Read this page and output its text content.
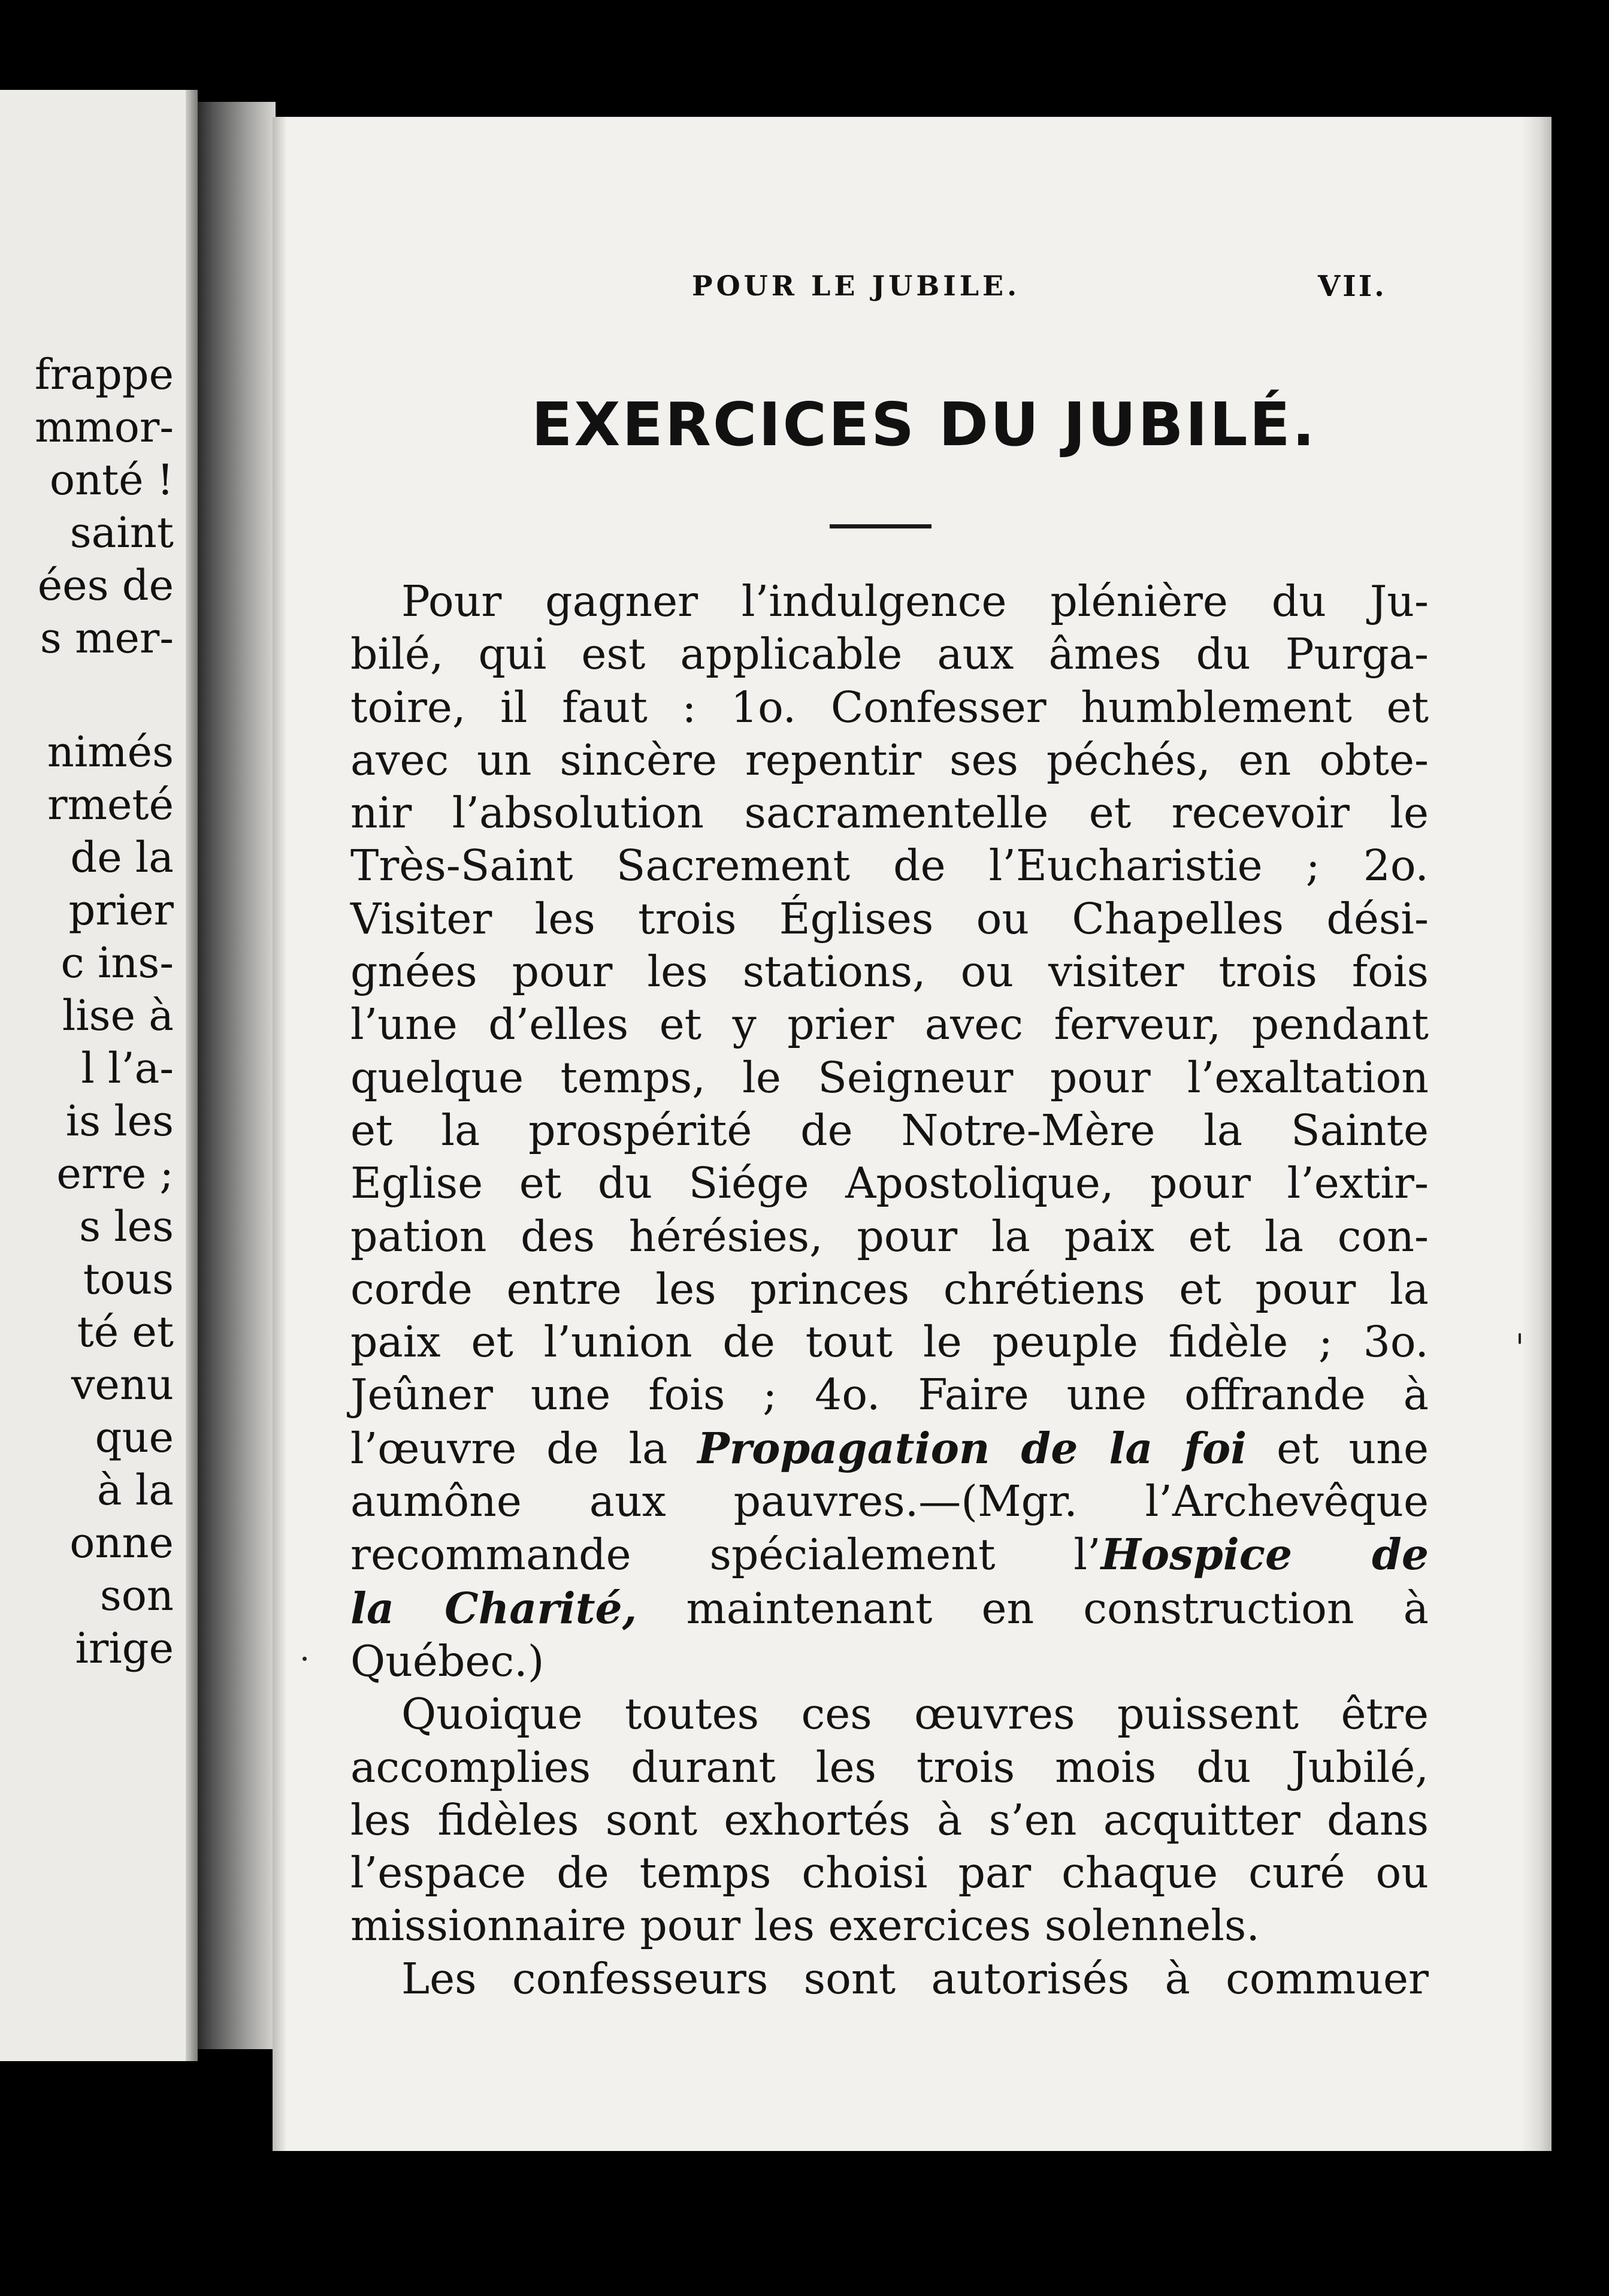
frappe
mmor-
onté !
saint
ées de
s mer-
nimés
rmeté
de la
prier
c ins-
lise à
l l’a-
is les
erre ;
s les
tous
té et
venu
que
à la
onne
son
irige
POUR LE JUBILE.	VII.
EXERCICES DU JUBILÉ.
Pour gagner l’indulgence plénière du Ju-
bilé, qui est applicable aux âmes du Purga-
toire, il faut : 1o. Confesser humblement et
avec un sincère repentir ses péchés, en obte-
nir l’absolution sacramentelle et recevoir le
Très-Saint Sacrement de l’Eucharistie ; 2o.
Visiter les trois Églises ou Chapelles dési-
gnées pour les stations, ou visiter trois fois
l’une d’elles et y prier avec ferveur, pendant
quelque temps, le Seigneur pour l’exaltation
et la prospérité de Notre-Mère la Sainte
Eglise et du Siége Apostolique, pour l’extir-
pation des hérésies, pour la paix et la con-
corde entre les princes chrétiens et pour la
paix et l’union de tout le peuple fidèle ; 3o.
Jeûner une fois ; 4o. Faire une offrande à
l’œuvre de la Propagation de la foi et une
aumône aux pauvres.—(Mgr. l’Archevêque
recommande spécialement l’Hospice de
la Charité, maintenant en construction à
Québec.)
Quoique toutes ces œuvres puissent être
accomplies durant les trois mois du Jubilé,
les fidèles sont exhortés à s’en acquitter dans
l’espace de temps choisi par chaque curé ou
missionnaire pour les exercices solennels.
Les confesseurs sont autorisés à commuer
